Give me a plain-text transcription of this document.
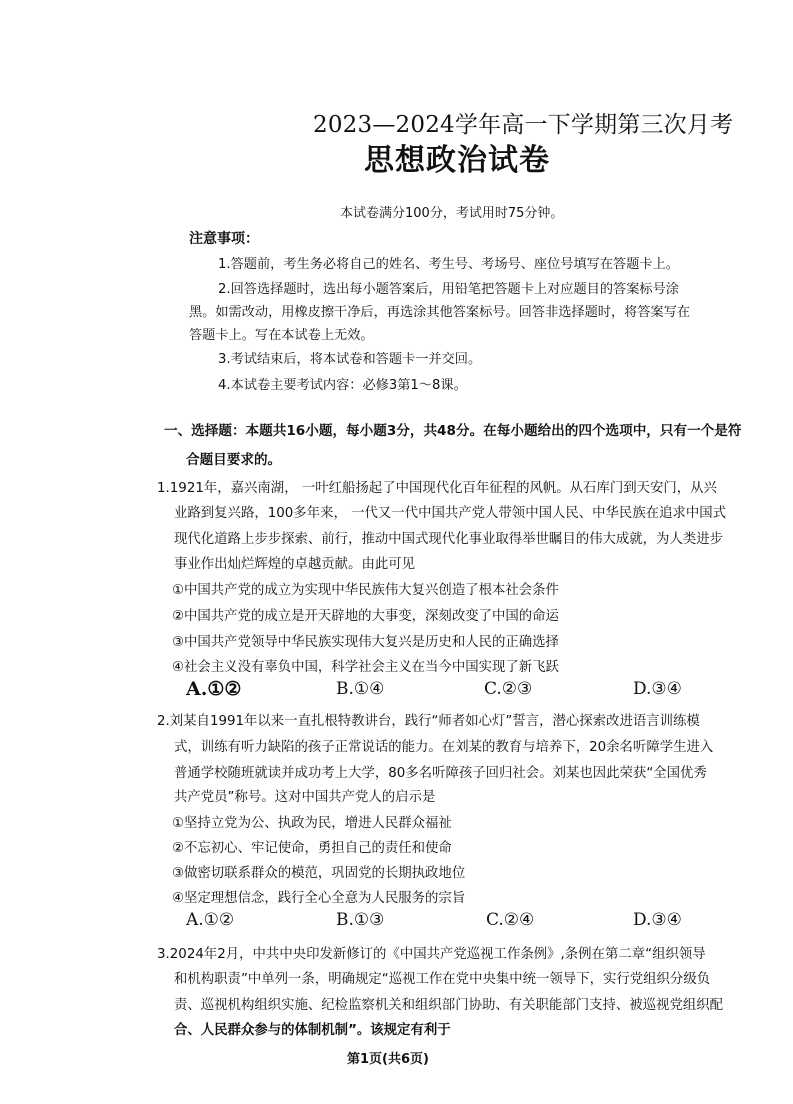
2023—2024学年高一下学期第三次月考
思想政治试卷
本试卷满分100分，考试用时75分钟。
注意事项：
1.答题前，考生务必将自己的姓名、考生号、考场号、座位号填写在答题卡上。
2.回答选择题时，选出每小题答案后，用铅笔把答题卡上对应题目的答案标号涂
黑。如需改动，用橡皮擦干净后，再选涂其他答案标号。回答非选择题时，将答案写在
答题卡上。写在本试卷上无效。
3.考试结束后，将本试卷和答题卡一并交回。
4.本试卷主要考试内容：必修3第1～8课。
一、选择题：本题共16小题，每小题3分，共48分。在每小题给出的四个选项中，只有一个是符
合题目要求的。
1.1921年，嘉兴南湖， 一叶红船扬起了中国现代化百年征程的风帆。从石库门到天安门，从兴
业路到复兴路，100多年来， 一代又一代中国共产党人带领中国人民、中华民族在追求中国式
现代化道路上步步探索、前行，推动中国式现代化事业取得举世瞩目的伟大成就，为人类进步
事业作出灿烂辉煌的卓越贡献。由此可见
①中国共产党的成立为实现中华民族伟大复兴创造了根本社会条件
②中国共产党的成立是开天辟地的大事变，深刻改变了中国的命运
③中国共产党领导中华民族实现伟大复兴是历史和人民的正确选择
④社会主义没有辜负中国，科学社会主义在当今中国实现了新飞跃
A.①②	B.①④	C.②③	D.③④
2.刘某自1991年以来一直扎根特教讲台，践行“师者如心灯”誓言，潜心探索改进语言训练模
式，训练有听力缺陷的孩子正常说话的能力。在刘某的教育与培养下，20余名听障学生进入
普通学校随班就读并成功考上大学，80多名听障孩子回归社会。刘某也因此荣获“全国优秀
共产党员”称号。这对中国共产党人的启示是
①坚持立党为公、执政为民，增进人民群众福祉
②不忘初心、牢记使命，勇担自己的责任和使命
③做密切联系群众的模范，巩固党的长期执政地位
④坚定理想信念，践行全心全意为人民服务的宗旨
A.①②	B.①③	C.②④	D.③④
3.2024年2月，中共中央印发新修订的《中国共产党巡视工作条例》,条例在第二章“组织领导
和机构职责”中单列一条，明确规定“巡视工作在党中央集中统一领导下，实行党组织分级负
责、巡视机构组织实施、纪检监察机关和组织部门协助、有关职能部门支持、被巡视党组织配
合、人民群众参与的体制机制”。该规定有利于
第1页(共6页)
